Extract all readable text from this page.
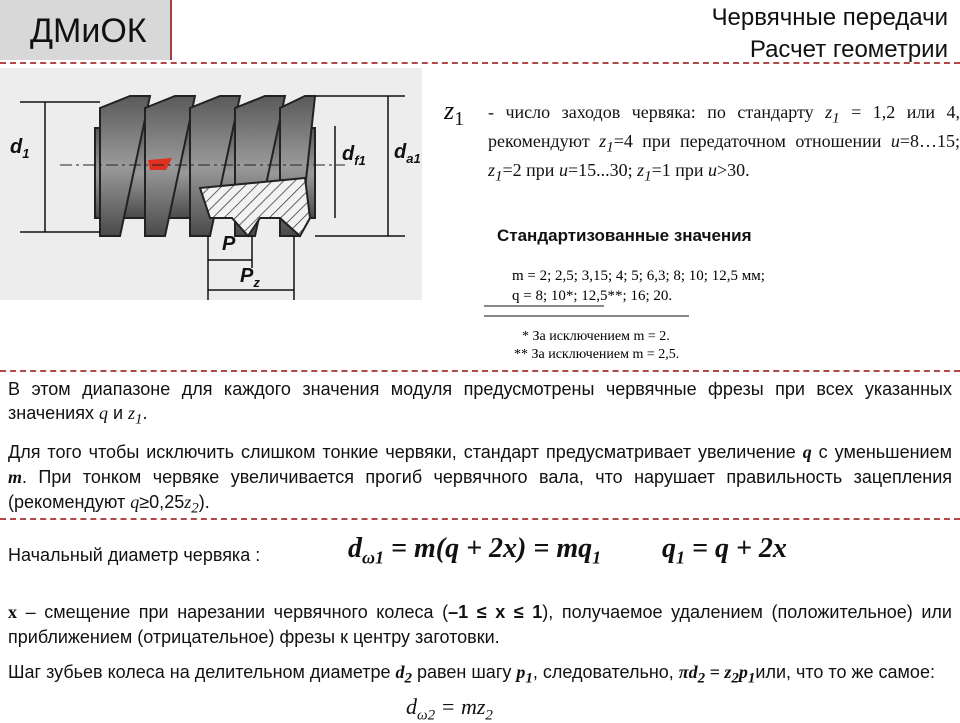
ДМиОК	Червячные передачи
Расчет геометрии
$d_1$	$d_{f1}$ $d_{a1}$
P
$P_z$
$z_1$ - число заходов червяка: по стандарту $z_1 = 1,2$ или 4, рекомендуют $z_1=4$ при передаточном отношении u=8…15; $z_1=2$ при u=15...30; $z_1=1$ при u>30.
Стандартизованные значения
m = 2; 2,5; 3,15; 4; 5; 6,3; 8; 10; 12,5 мм;
q = 8; 10*; 12,5**; 16; 20.
* За исключением m = 2.
** За исключением m = 2,5.
В этом диапазоне для каждого значения модуля предусмотрены червячные фрезы при всех указанных значениях q и $z_1$.
Для того чтобы исключить слишком тонкие червяки, стандарт предусматривает увеличение q с уменьшением m. При тонком червяке увеличивается прогиб червячного вала, что нарушает правильность зацепления (рекомендуют $q\ge 0,25z_2$).
Начальный диаметр червяка :	$d_{\omega 1} = m(q + 2x) = mq_1$ $q_1 = q + 2x$
x – смещение при нарезании червячного колеса (–1 ≤ x ≤ 1), получаемое удалением (положительное) или приближением (отрицательное) фрезы к центру заготовки.
Шаг зубьев колеса на делительном диаметре $d_2$ равен шагу $p_1$, следовательно, $\pi d_2 = z_2p_1или$, что то же самое:
$d_{\omega 2} = mz_2$
